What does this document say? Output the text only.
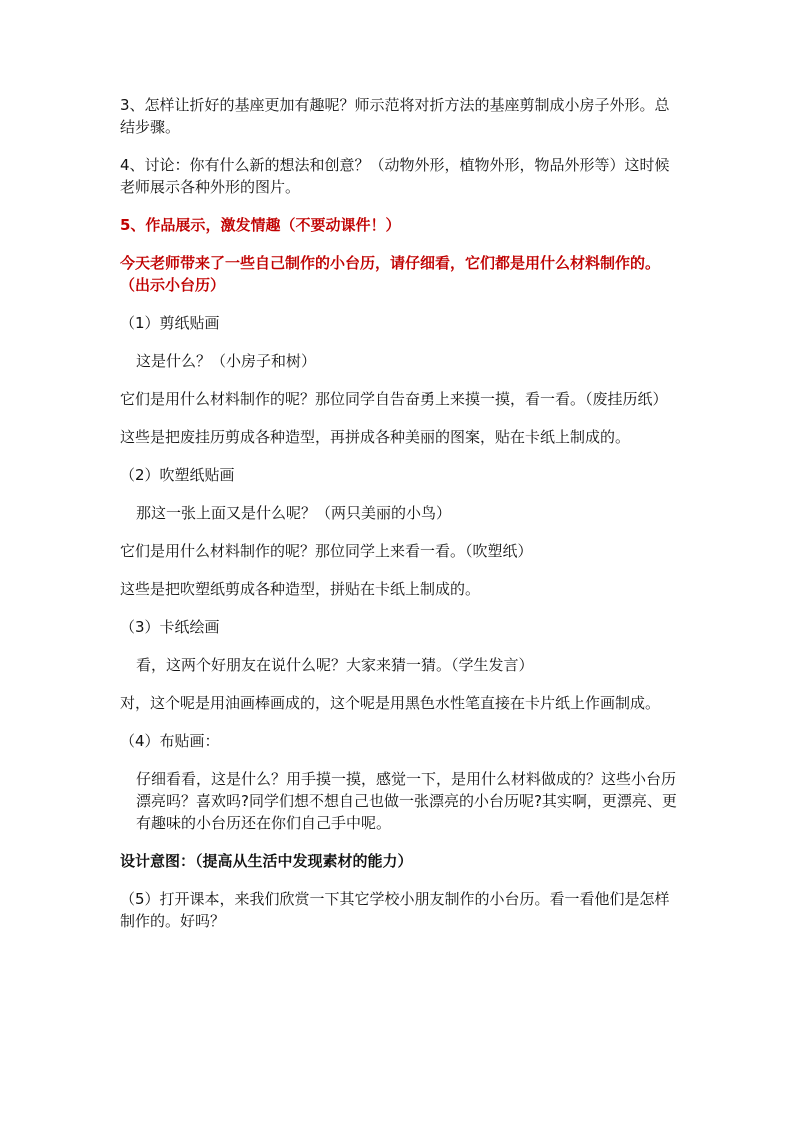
3、怎样让折好的基座更加有趣呢？师示范将对折方法的基座剪制成小房子外形。总结步骤。

4、讨论：你有什么新的想法和创意？（动物外形，植物外形，物品外形等）这时候老师展示各种外形的图片。

5、作品展示，激发情趣（不要动课件！）

今天老师带来了一些自己制作的小台历，请仔细看，它们都是用什么材料制作的。（出示小台历）

（1）剪纸贴画

这是什么？（小房子和树）

它们是用什么材料制作的呢？那位同学自告奋勇上来摸一摸，看一看。（废挂历纸）

这些是把废挂历剪成各种造型，再拼成各种美丽的图案，贴在卡纸上制成的。

（2）吹塑纸贴画

那这一张上面又是什么呢？（两只美丽的小鸟）

它们是用什么材料制作的呢？那位同学上来看一看。（吹塑纸）

这些是把吹塑纸剪成各种造型，拼贴在卡纸上制成的。

（3）卡纸绘画

看，这两个好朋友在说什么呢？大家来猜一猜。（学生发言）

对，这个呢是用油画棒画成的，这个呢是用黑色水性笔直接在卡片纸上作画制成。

（4）布贴画：

仔细看看，这是什么？用手摸一摸，感觉一下，是用什么材料做成的？这些小台历漂亮吗？喜欢吗?同学们想不想自己也做一张漂亮的小台历呢?其实啊，更漂亮、更有趣味的小台历还在你们自己手中呢。

设计意图：（提高从生活中发现素材的能力）

（5）打开课本，来我们欣赏一下其它学校小朋友制作的小台历。看一看他们是怎样制作的。好吗？
